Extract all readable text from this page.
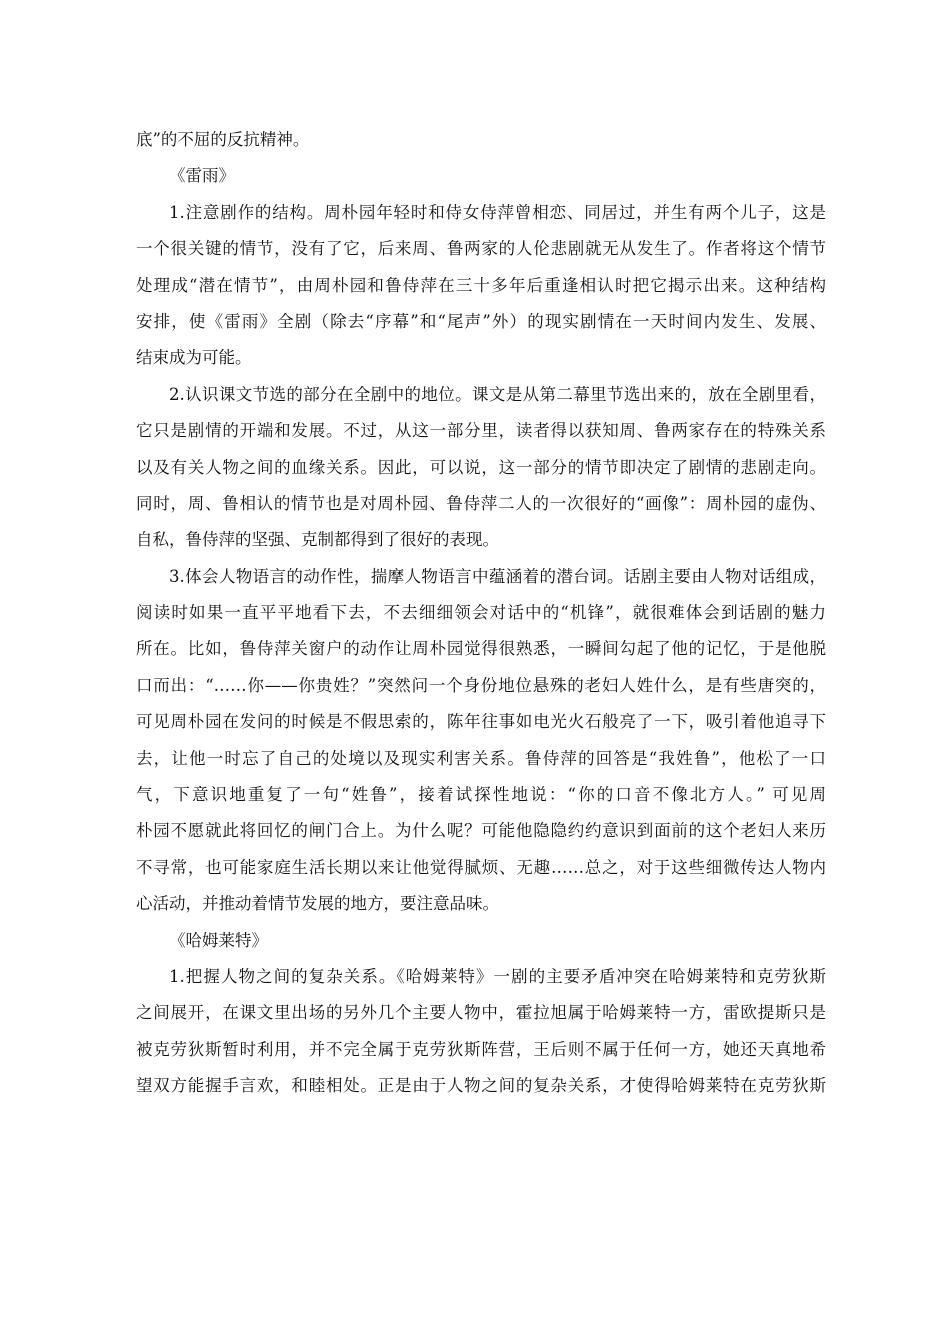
底”的不屈的反抗精神。
《雷雨》
1.注意剧作的结构。周朴园年轻时和侍女侍萍曾相恋、同居过，并生有两个儿子，这是
一个很关键的情节，没有了它，后来周、鲁两家的人伦悲剧就无从发生了。作者将这个情节
处理成“潜在情节”，由周朴园和鲁侍萍在三十多年后重逢相认时把它揭示出来。这种结构
安排，使《雷雨》全剧（除去“序幕”和“尾声”外）的现实剧情在一天时间内发生、发展、
结束成为可能。
2.认识课文节选的部分在全剧中的地位。课文是从第二幕里节选出来的，放在全剧里看，
它只是剧情的开端和发展。不过，从这一部分里，读者得以获知周、鲁两家存在的特殊关系
以及有关人物之间的血缘关系。因此，可以说，这一部分的情节即决定了剧情的悲剧走向。
同时，周、鲁相认的情节也是对周朴园、鲁侍萍二人的一次很好的“画像”：周朴园的虚伪、
自私，鲁侍萍的坚强、克制都得到了很好的表现。
3.体会人物语言的动作性，揣摩人物语言中蕴涵着的潜台词。话剧主要由人物对话组成，
阅读时如果一直平平地看下去，不去细细领会对话中的“机锋”，就很难体会到话剧的魅力
所在。比如，鲁侍萍关窗户的动作让周朴园觉得很熟悉，一瞬间勾起了他的记忆，于是他脱
口而出：“……你——你贵姓？”突然问一个身份地位悬殊的老妇人姓什么，是有些唐突的，
可见周朴园在发问的时候是不假思索的，陈年往事如电光火石般亮了一下，吸引着他追寻下
去，让他一时忘了自己的处境以及现实利害关系。鲁侍萍的回答是“我姓鲁”，他松了一口
气，下意识地重复了一句“姓鲁”，接着试探性地说：“你的口音不像北方人。” 可见周
朴园不愿就此将回忆的闸门合上。为什么呢？可能他隐隐约约意识到面前的这个老妇人来历
不寻常，也可能家庭生活长期以来让他觉得腻烦、无趣……总之，对于这些细微传达人物内
心活动，并推动着情节发展的地方，要注意品味。
《哈姆莱特》
1.把握人物之间的复杂关系。《哈姆莱特》一剧的主要矛盾冲突在哈姆莱特和克劳狄斯
之间展开，在课文里出场的另外几个主要人物中，霍拉旭属于哈姆莱特一方，雷欧提斯只是
被克劳狄斯暂时利用，并不完全属于克劳狄斯阵营，王后则不属于任何一方，她还天真地希
望双方能握手言欢，和睦相处。正是由于人物之间的复杂关系，才使得哈姆莱特在克劳狄斯
